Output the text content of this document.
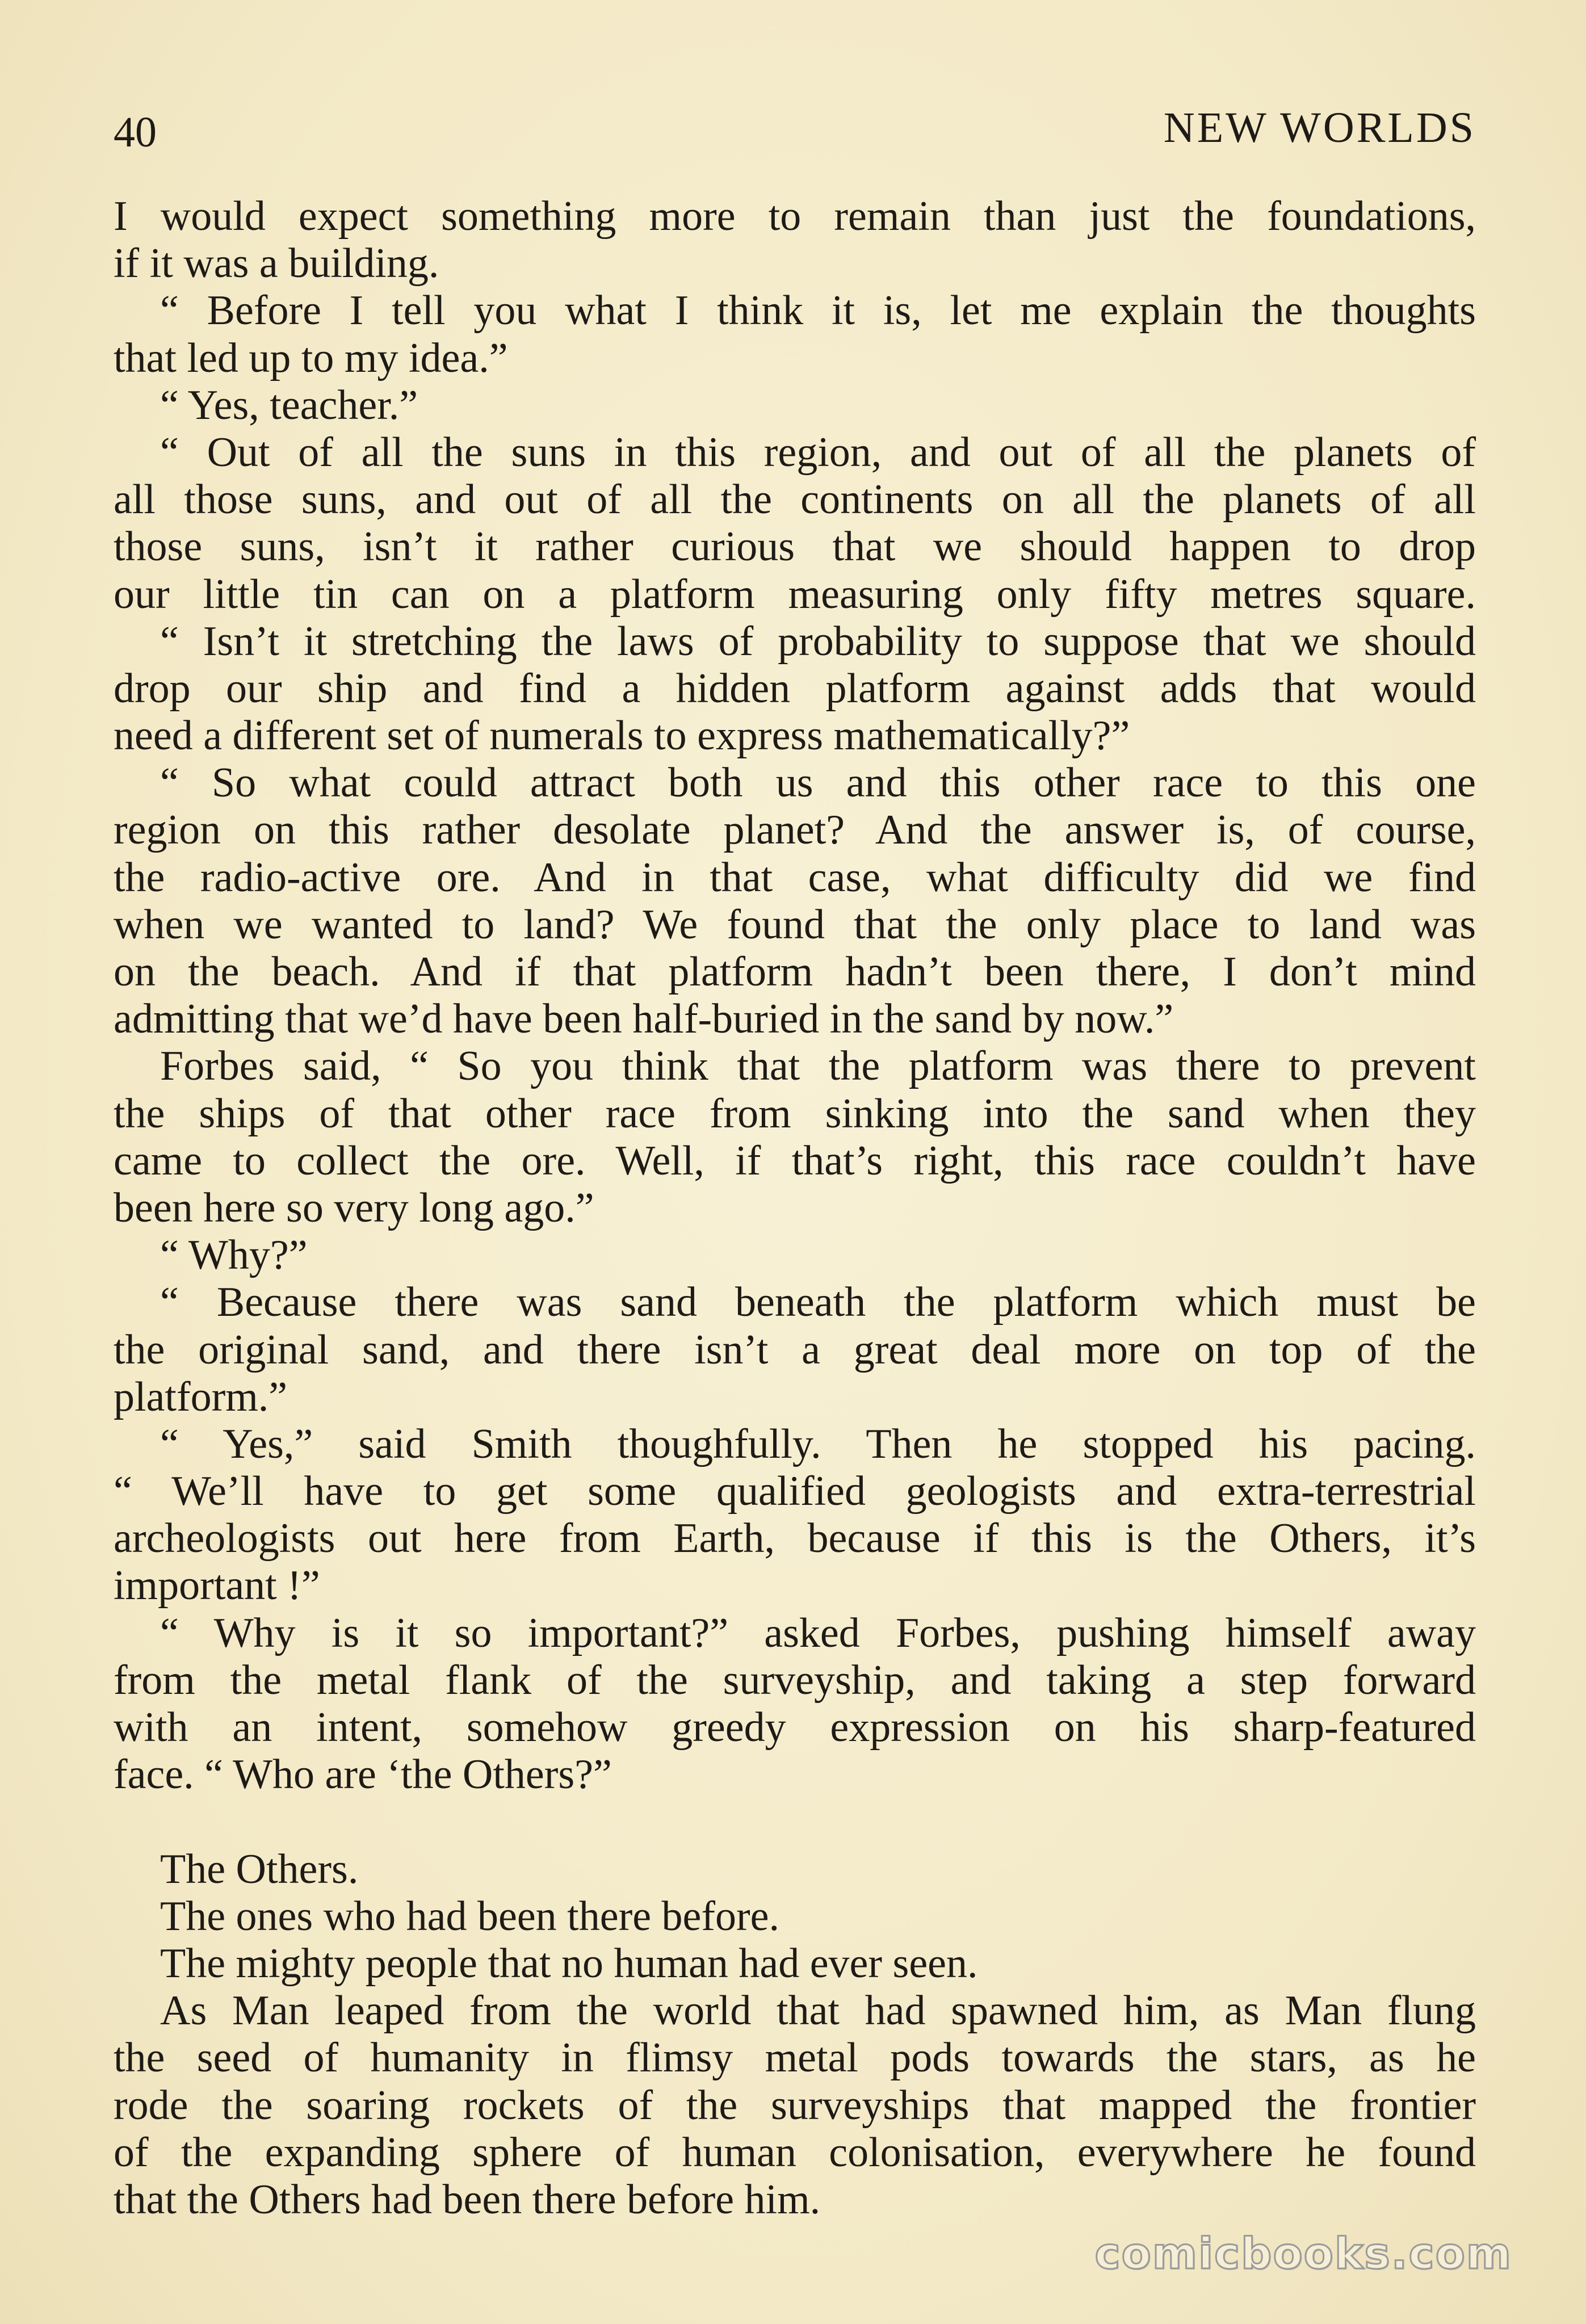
40	NEW WORLDS
I would expect something more to remain than just the foundations,
if it was a building.
“ Before I tell you what I think it is, let me explain the thoughts
that led up to my idea.”
“ Yes, teacher.”
“ Out of all the suns in this region, and out of all the planets of
all those suns, and out of all the continents on all the planets of all
those suns, isn’t it rather curious that we should happen to drop
our little tin can on a platform measuring only fifty metres square.
“ Isn’t it stretching the laws of probability to suppose that we should
drop our ship and find a hidden platform against adds that would
need a different set of numerals to express mathematically?”
“ So what could attract both us and this other race to this one
region on this rather desolate planet? And the answer is, of course,
the radio-active ore. And in that case, what difficulty did we find
when we wanted to land? We found that the only place to land was
on the beach. And if that platform hadn’t been there, I don’t mind
admitting that we’d have been half-buried in the sand by now.”
Forbes said, “ So you think that the platform was there to prevent
the ships of that other race from sinking into the sand when they
came to collect the ore. Well, if that’s right, this race couldn’t have
been here so very long ago.”
“ Why?”
“ Because there was sand beneath the platform which must be
the original sand, and there isn’t a great deal more on top of the
platform.”
“ Yes,” said Smith thoughfully. Then he stopped his pacing.
“ We’ll have to get some qualified geologists and extra-terrestrial
archeologists out here from Earth, because if this is the Others, it’s
important !”
“ Why is it so important?” asked Forbes, pushing himself away
from the metal flank of the surveyship, and taking a step forward
with an intent, somehow greedy expression on his sharp-featured
face. “ Who are ‘the Others?”
The Others.
The ones who had been there before.
The mighty people that no human had ever seen.
As Man leaped from the world that had spawned him, as Man flung
the seed of humanity in flimsy metal pods towards the stars, as he
rode the soaring rockets of the surveyships that mapped the frontier
of the expanding sphere of human colonisation, everywhere he found
that the Others had been there before him.
comicbooks.com
